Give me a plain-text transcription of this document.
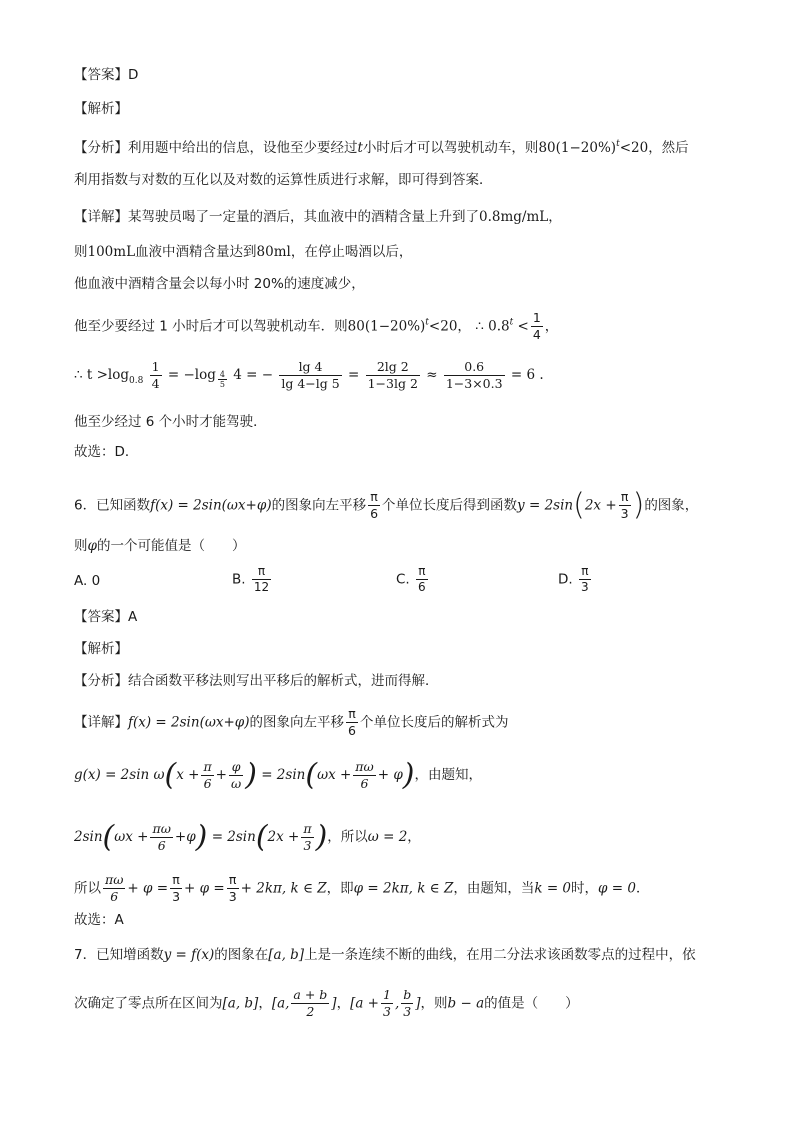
【答案】D
【解析】
【分析】利用题中给出的信息，设他至少要经过t小时后才可以驾驶机动车，则$80(1-20\%)^t<20$，然后
利用指数与对数的互化以及对数的运算性质进行求解，即可得到答案．
【详解】某驾驶员喝了一定量的酒后，其血液中的酒精含量上升到了0.8mg/mL，
则100mL血液中酒精含量达到80ml，在停止喝酒以后，
他血液中酒精含量会以每小时 20%的速度减少，
他至少要经过 1 小时后才可以驾驶机动车．则$80(1-20\%)^t<20$， ∴ $0.8^t < \frac{1}{4}$ ，
∴ $t >\log_{0.8} \frac{1}{4} = -\log \frac{4}{5} 4$ = − $\frac{\lg 4}{\lg 4-\lg 5} = \frac{2\lg 2}{1-3\lg 2} \approx \frac{0.6}{1-3\times 0.3} = 6$ .
他至少经过 6 个小时才能驾驶．
故选：D．
6．已知函数f(x) = 2sin(ωx+φ)的图象向左平移 $\frac{\pi}{6}$ 个单位长度后得到函数$y = 2\sin(2x + \frac{\pi}{3}$ )的图象，
则φ的一个可能值是（　　）
A. 0	B. $\frac{\pi}{12}$	C. $\frac{\pi}{6}$	D. $\frac{\pi}{3}$
【答案】A
【解析】
【分析】结合函数平移法则写出平移后的解析式，进而得解．
【详解】f(x) = 2sin(ωx+φ)的图象向左平移 $\frac{\pi}{6}$ 个单位长度后的解析式为
g(x) = 2sin $\omega(x + \frac{\pi}{6} + \frac{\varphi}{\omega}$ ) = $2\sin(\omega x + \frac{\pi\omega}{6} + \varphi)$，由题知，
$2\sin(\omega x + \frac{\pi\omega}{6} +\varphi) = 2\sin(2x + \frac{\pi}{3}$ )，所以ω = 2，
所以 $\frac{\pi\omega}{6} + \varphi = \frac{\pi}{3} + \varphi = \frac{\pi}{3} + 2k\pi$, k ∈ Z，即φ = 2kπ, k ∈ Z，由题知，当k = 0时，φ = 0．
故选：A
7．已知增函数y = f(x)的图象在[a, b]上是一条连续不断的曲线，在用二分法求该函数零点的过程中，依
次确定了零点所在区间为[a, b]，[a, $\frac{a + b}{2}$ ]，[$a + \frac{1}{3}$ , $\frac{b}{3}$ ]，则b − a的值是（　　）
